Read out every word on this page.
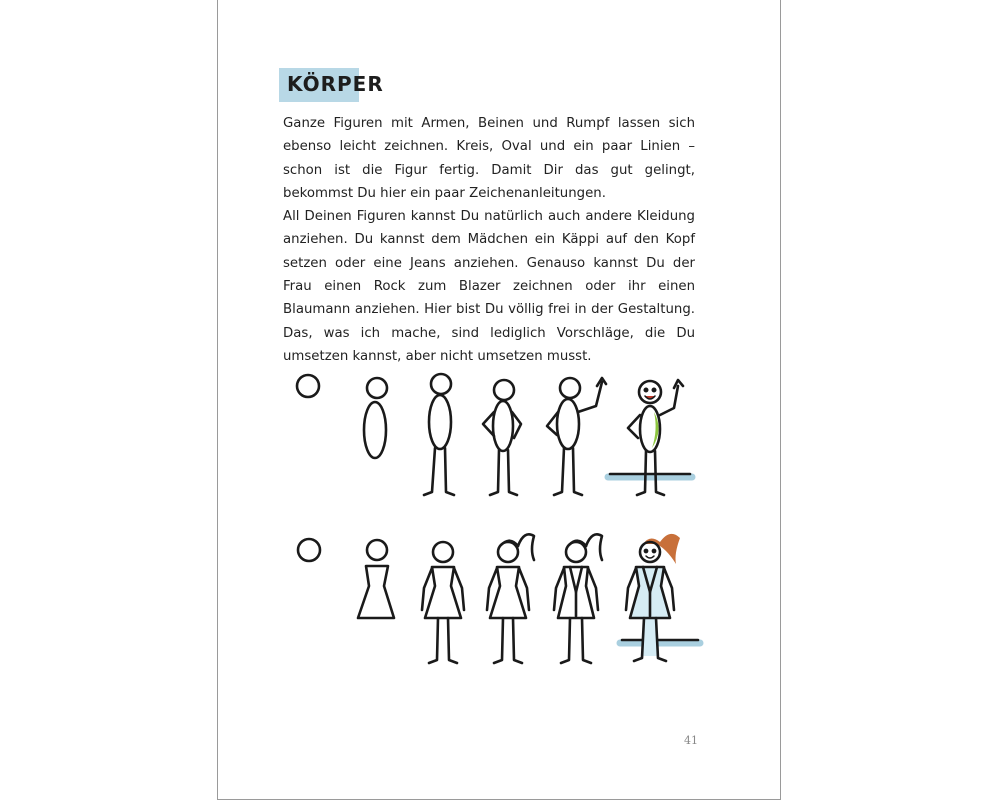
KÖRPER

Ganze Figuren mit Armen, Beinen und Rumpf lassen sich ebenso leicht zeichnen. Kreis, Oval und ein paar Linien – schon ist die Figur fertig. Damit Dir das gut gelingt, bekommst Du hier ein paar Zeichenanleitungen.

All Deinen Figuren kannst Du natürlich auch andere Kleidung anziehen. Du kannst dem Mädchen ein Käppi auf den Kopf setzen oder eine Jeans anziehen. Genauso kannst Du der Frau einen Rock zum Blazer zeichnen oder ihr einen Blaumann anziehen. Hier bist Du völlig frei in der Gestaltung. Das, was ich mache, sind lediglich Vorschläge, die Du umsetzen kannst, aber nicht umsetzen musst.

41
